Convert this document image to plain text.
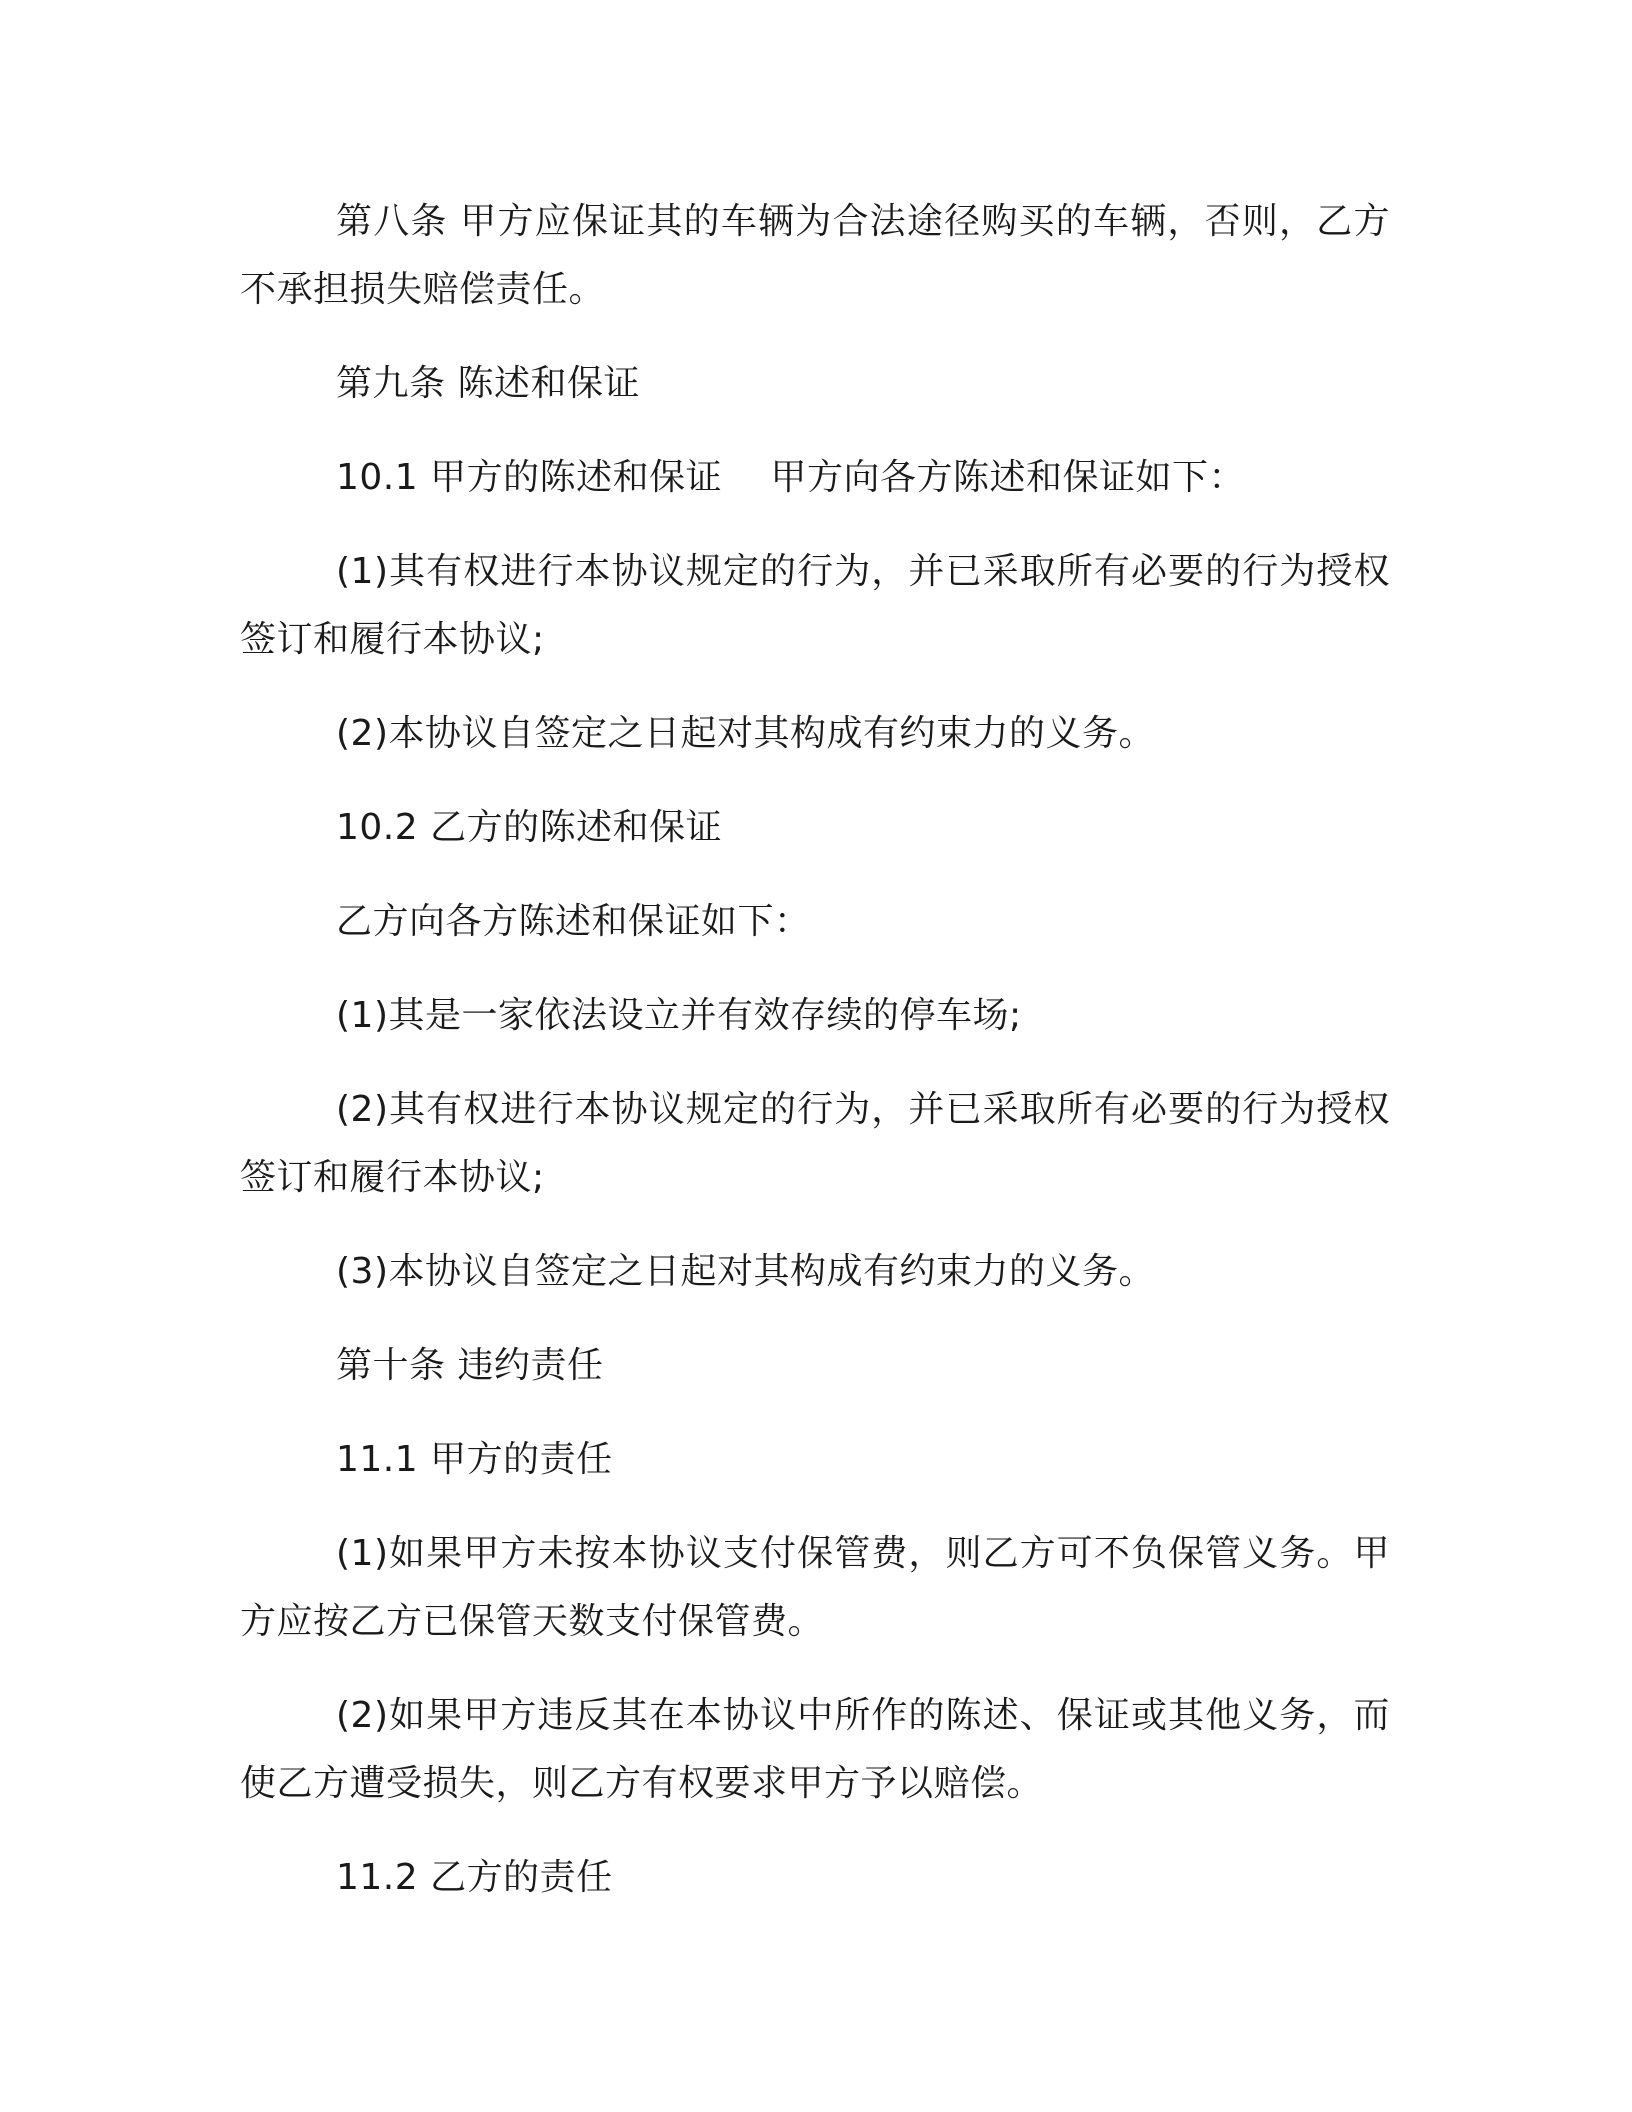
第八条 甲方应保证其的车辆为合法途径购买的车辆，否则，乙方不承担损失赔偿责任。

第九条 陈述和保证

10.1 甲方的陈述和保证　 甲方向各方陈述和保证如下：

(1)其有权进行本协议规定的行为，并已采取所有必要的行为授权签订和履行本协议;

(2)本协议自签定之日起对其构成有约束力的义务。

10.2 乙方的陈述和保证

乙方向各方陈述和保证如下：

(1)其是一家依法设立并有效存续的停车场;

(2)其有权进行本协议规定的行为，并已采取所有必要的行为授权签订和履行本协议;

(3)本协议自签定之日起对其构成有约束力的义务。

第十条 违约责任

11.1 甲方的责任

(1)如果甲方未按本协议支付保管费，则乙方可不负保管义务。甲方应按乙方已保管天数支付保管费。

(2)如果甲方违反其在本协议中所作的陈述、保证或其他义务，而使乙方遭受损失，则乙方有权要求甲方予以赔偿。

11.2 乙方的责任
